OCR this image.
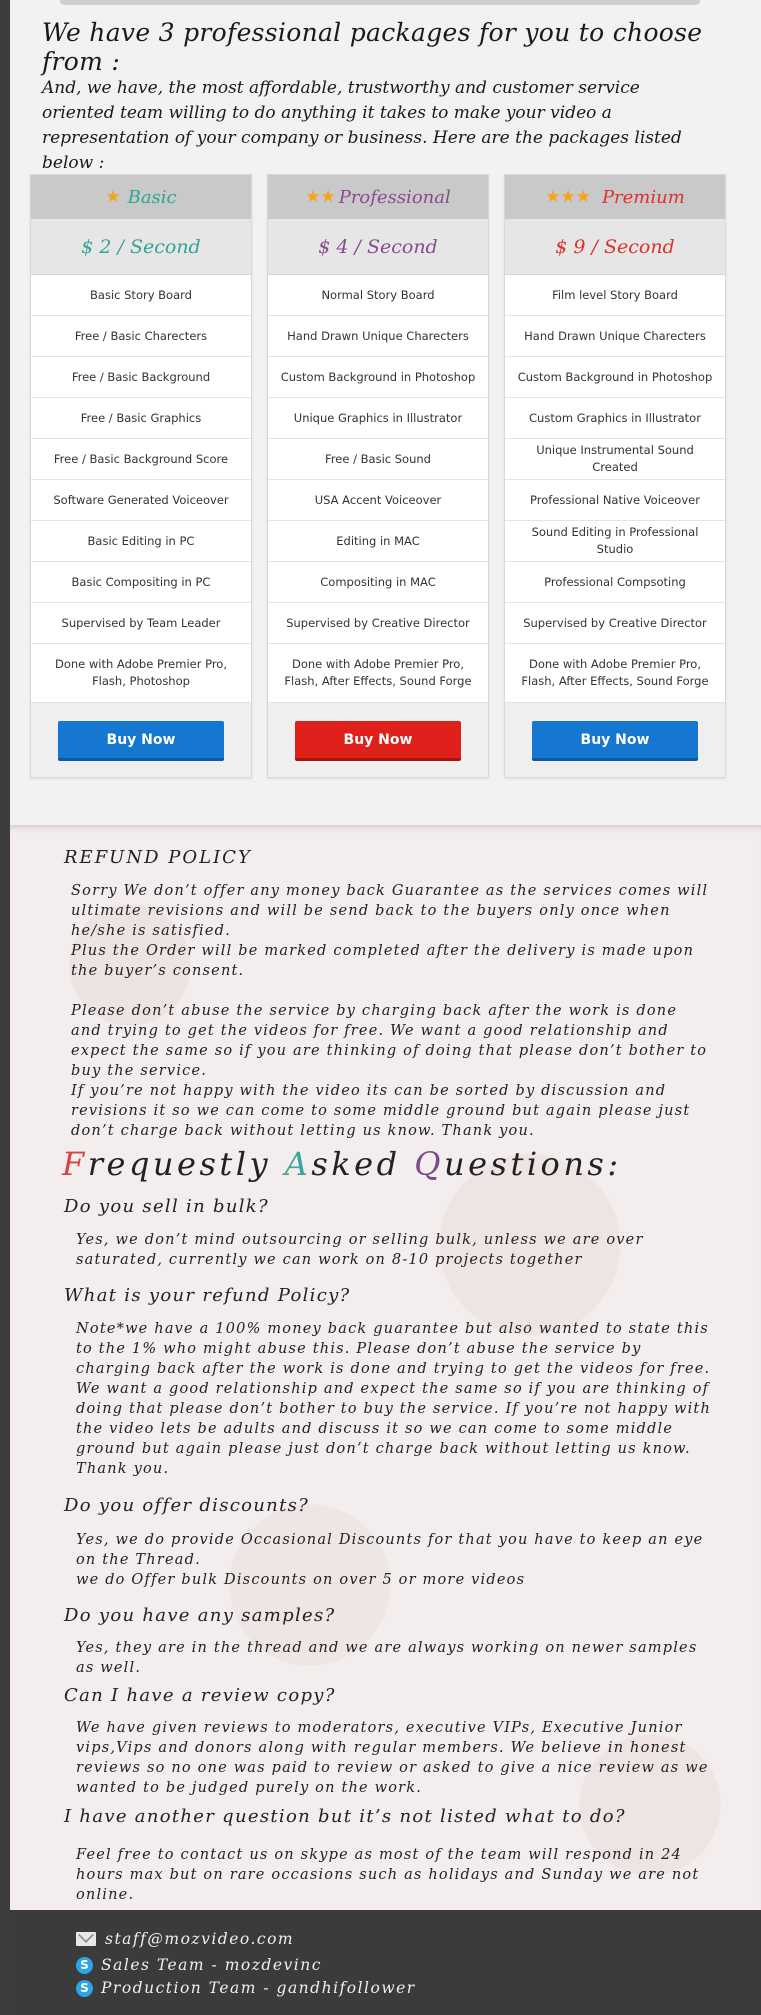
We have 3 professional packages for you to choose from :
And, we have, the most affordable, trustworthy and customer service oriented team willing to do anything it takes to make your video a representation of your company or business. Here are the packages listed below :
★ Basic
$ 2 / Second
Basic Story Board
Free / Basic Charecters
Free / Basic Background
Free / Basic Graphics
Free / Basic Background Score
Software Generated Voiceover
Basic Editing in PC
Basic Compositing in PC
Supervised by Team Leader
Done with Adobe Premier Pro, Flash, Photoshop
Buy Now
★★ Professional
$ 4 / Second
Normal Story Board
Hand Drawn Unique Charecters
Custom Background in Photoshop
Unique Graphics in Illustrator
Free / Basic Sound
USA Accent Voiceover
Editing in MAC
Compositing in MAC
Supervised by Creative Director
Done with Adobe Premier Pro, Flash, After Effects, Sound Forge
Buy Now
★★★ Premium
$ 9 / Second
Film level Story Board
Hand Drawn Unique Charecters
Custom Background in Photoshop
Custom Graphics in Illustrator
Unique Instrumental Sound Created
Professional Native Voiceover
Sound Editing in Professional Studio
Professional Compsoting
Supervised by Creative Director
Done with Adobe Premier Pro, Flash, After Effects, Sound Forge
Buy Now
REFUND POLICY
Sorry We don’t offer any money back Guarantee as the services comes will ultimate revisions and will be send back to the buyers only once when he/she is satisfied.
Plus the Order will be marked completed after the delivery is made upon the buyer’s consent.
Please don’t abuse the service by charging back after the work is done and trying to get the videos for free. We want a good relationship and expect the same so if you are thinking of doing that please don’t bother to buy the service.
If you’re not happy with the video its can be sorted by discussion and revisions it so we can come to some middle ground but again please just don’t charge back without letting us know. Thank you.
Frequestly Asked Questions:
Do you sell in bulk?
Yes, we don’t mind outsourcing or selling bulk, unless we are over saturated, currently we can work on 8-10 projects together
What is your refund Policy?
Note*we have a 100% money back guarantee but also wanted to state this to the 1% who might abuse this. Please don’t abuse the service by charging back after the work is done and trying to get the videos for free. We want a good relationship and expect the same so if you are thinking of doing that please don’t bother to buy the service. If you’re not happy with the video lets be adults and discuss it so we can come to some middle ground but again please just don’t charge back without letting us know. Thank you.
Do you offer discounts?
Yes, we do provide Occasional Discounts for that you have to keep an eye on the Thread.
we do Offer bulk Discounts on over 5 or more videos
Do you have any samples?
Yes, they are in the thread and we are always working on newer samples as well.
Can I have a review copy?
We have given reviews to moderators, executive VIPs, Executive Junior vips,Vips and donors along with regular members. We believe in honest reviews so no one was paid to review or asked to give a nice review as we wanted to be judged purely on the work.
I have another question but it’s not listed what to do?
Feel free to contact us on skype as most of the team will respond in 24 hours max but on rare occasions such as holidays and Sunday we are not online.
staff@mozvideo.com
S Sales Team - mozdevinc
S Production Team - gandhifollower
